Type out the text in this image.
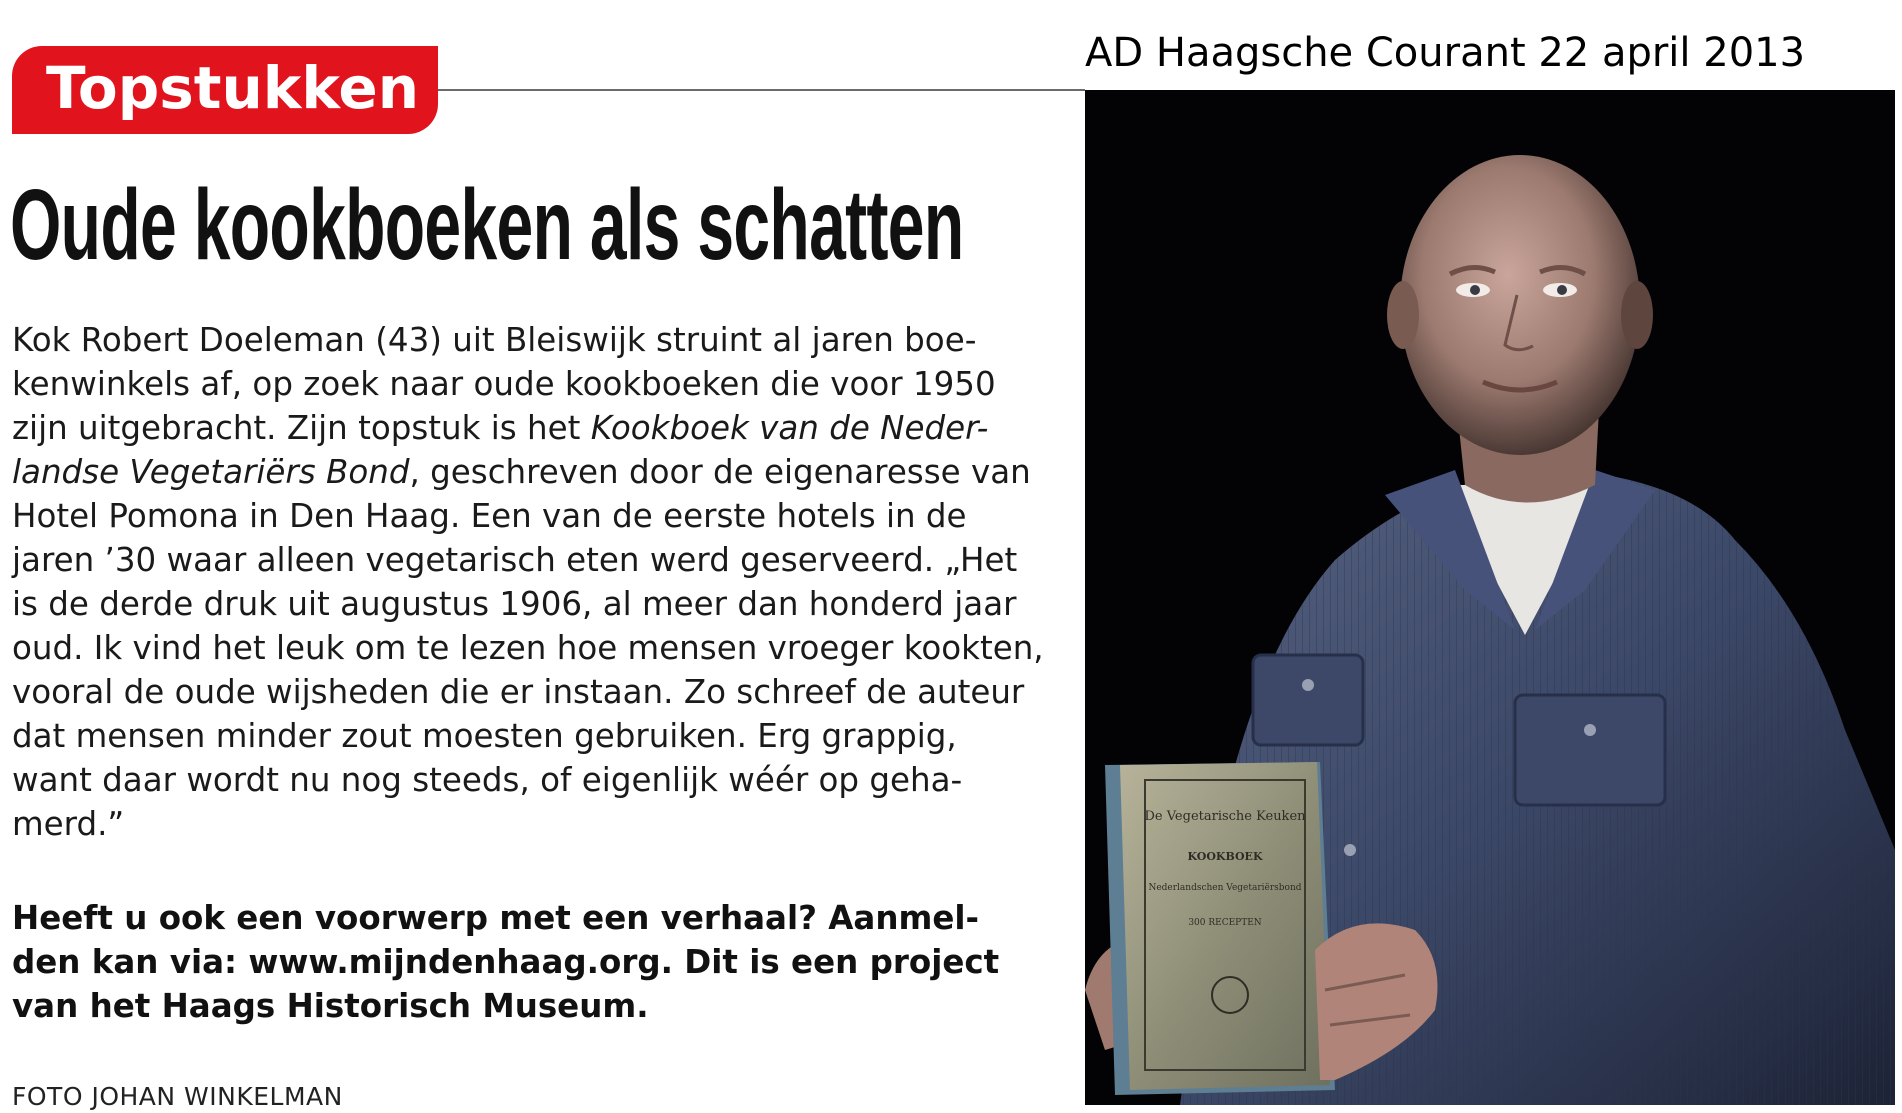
Topstukken
AD Haagsche Courant 22 april 2013
Oude kookboeken als schatten
Kok Robert Doeleman (43) uit Bleiswijk struint al jaren boe-
kenwinkels af, op zoek naar oude kookboeken die voor 1950
zijn uitgebracht. Zijn topstuk is het Kookboek van de Neder-
landse Vegetariërs Bond, geschreven door de eigenaresse van
Hotel Pomona in Den Haag. Een van de eerste hotels in de
jaren ’30 waar alleen vegetarisch eten werd geserveerd. „Het
is de derde druk uit augustus 1906, al meer dan honderd jaar
oud. Ik vind het leuk om te lezen hoe mensen vroeger kookten,
vooral de oude wijsheden die er instaan. Zo schreef de auteur
dat mensen minder zout moesten gebruiken. Erg grappig,
want daar wordt nu nog steeds, of eigenlijk wéér op geha-
merd.”
Heeft u ook een voorwerp met een verhaal? Aanmel-
den kan via: www.mijndenhaag.org. Dit is een project
van het Haags Historisch Museum.
FOTO JOHAN WINKELMAN
De Vegetarische Keuken
KOOKBOEK
Nederlandschen Vegetariërsbond
300 RECEPTEN
